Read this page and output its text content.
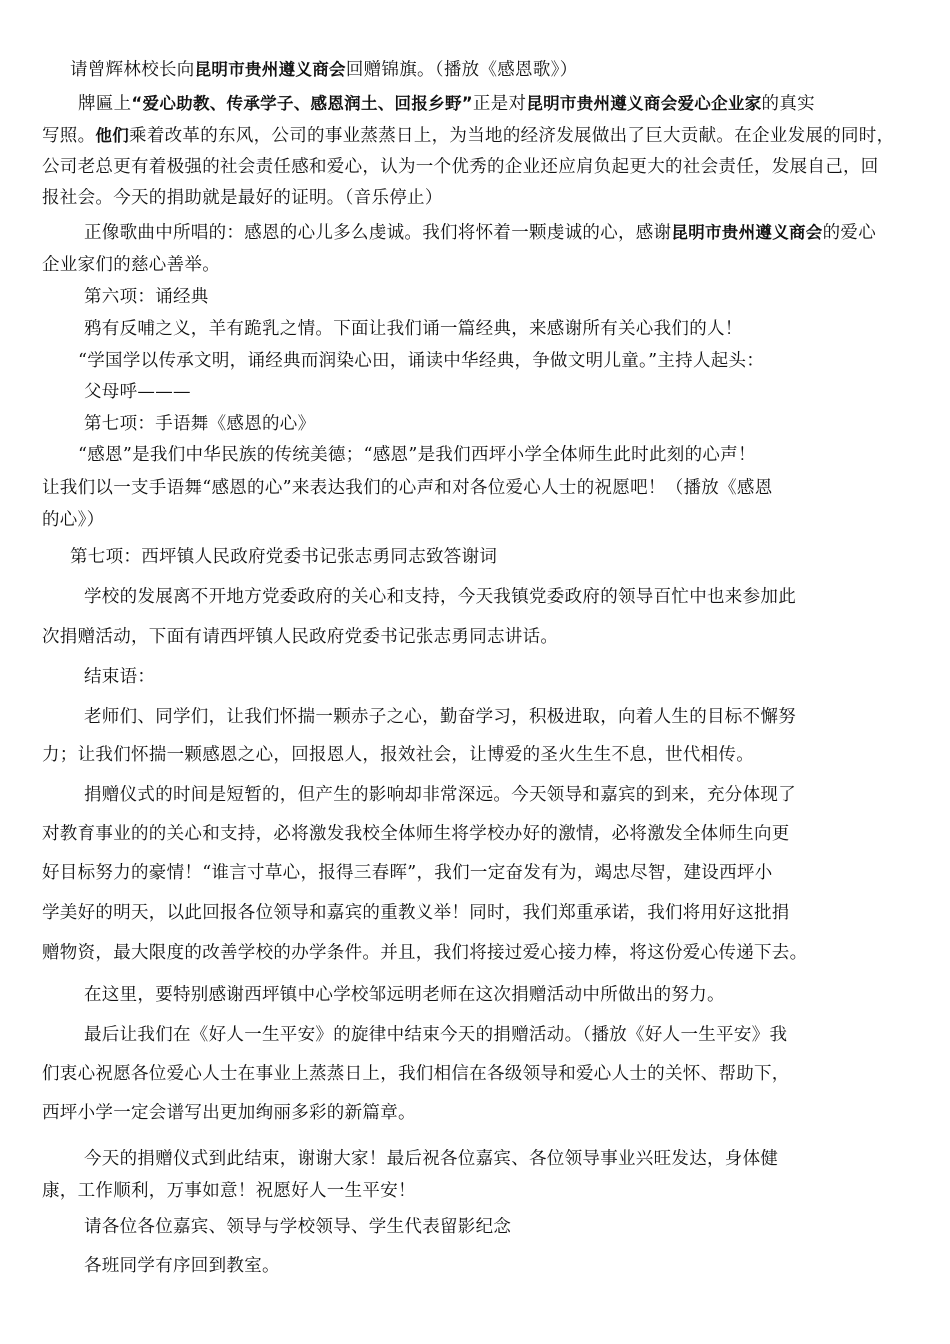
请曾辉林校长向昆明市贵州遵义商会回赠锦旗。（播放《感恩歌》）
牌匾上“爱心助教、传承学子、感恩润土、回报乡野”正是对昆明市贵州遵义商会爱心企业家的真实
写照。他们乘着改革的东风，公司的事业蒸蒸日上，为当地的经济发展做出了巨大贡献。在企业发展的同时，
公司老总更有着极强的社会责任感和爱心，认为一个优秀的企业还应肩负起更大的社会责任，发展自己，回
报社会。今天的捐助就是最好的证明。（音乐停止）
正像歌曲中所唱的：感恩的心儿多么虔诚。我们将怀着一颗虔诚的心，感谢昆明市贵州遵义商会的爱心
企业家们的慈心善举。
第六项：诵经典
鸦有反哺之义，羊有跪乳之情。下面让我们诵一篇经典，来感谢所有关心我们的人！
“学国学以传承文明，诵经典而润染心田，诵读中华经典，争做文明儿童。”主持人起头：
父母呼———
第七项：手语舞《感恩的心》
“感恩”是我们中华民族的传统美德；“感恩”是我们西坪小学全体师生此时此刻的心声！
让我们以一支手语舞“感恩的心”来表达我们的心声和对各位爱心人士的祝愿吧！（播放《感恩
的心》）
第七项：西坪镇人民政府党委书记张志勇同志致答谢词
学校的发展离不开地方党委政府的关心和支持，今天我镇党委政府的领导百忙中也来参加此
次捐赠活动，下面有请西坪镇人民政府党委书记张志勇同志讲话。
结束语：
老师们、同学们，让我们怀揣一颗赤子之心，勤奋学习，积极进取，向着人生的目标不懈努
力；让我们怀揣一颗感恩之心，回报恩人，报效社会，让博爱的圣火生生不息，世代相传。
捐赠仪式的时间是短暂的，但产生的影响却非常深远。今天领导和嘉宾的到来，充分体现了
对教育事业的的关心和支持，必将激发我校全体师生将学校办好的激情，必将激发全体师生向更
好目标努力的豪情！“谁言寸草心，报得三春晖”，我们一定奋发有为，竭忠尽智，建设西坪小
学美好的明天，以此回报各位领导和嘉宾的重教义举！同时，我们郑重承诺，我们将用好这批捐
赠物资，最大限度的改善学校的办学条件。并且，我们将接过爱心接力棒，将这份爱心传递下去。
在这里，要特别感谢西坪镇中心学校邹远明老师在这次捐赠活动中所做出的努力。
最后让我们在《好人一生平安》的旋律中结束今天的捐赠活动。（播放《好人一生平安》我
们衷心祝愿各位爱心人士在事业上蒸蒸日上，我们相信在各级领导和爱心人士的关怀、帮助下，
西坪小学一定会谱写出更加绚丽多彩的新篇章。
今天的捐赠仪式到此结束，谢谢大家！最后祝各位嘉宾、各位领导事业兴旺发达，身体健
康，工作顺利，万事如意！祝愿好人一生平安！
请各位各位嘉宾、领导与学校领导、学生代表留影纪念
各班同学有序回到教室。
